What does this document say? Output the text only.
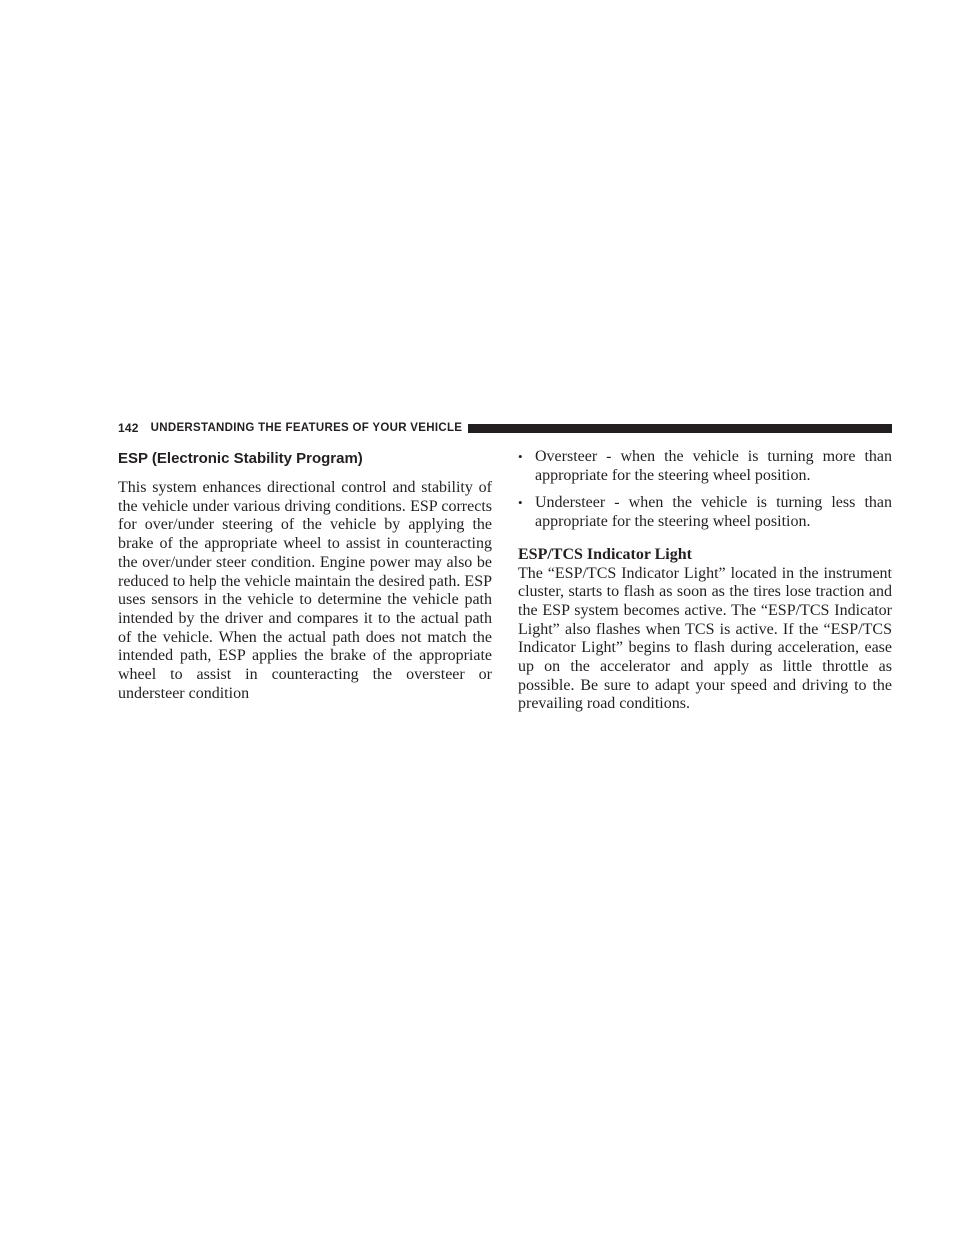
142 UNDERSTANDING THE FEATURES OF YOUR VEHICLE
ESP (Electronic Stability Program)

This system enhances directional control and stability of the vehicle under various driving conditions. ESP corrects for over/under steering of the vehicle by applying the brake of the appropriate wheel to assist in counteracting the over/under steer condition. Engine power may also be reduced to help the vehicle maintain the desired path. ESP uses sensors in the vehicle to determine the vehicle path intended by the driver and compares it to the actual path of the vehicle. When the actual path does not match the intended path, ESP applies the brake of the appropriate wheel to assist in counteracting the oversteer or understeer condition

• Oversteer - when the vehicle is turning more than appropriate for the steering wheel position.
• Understeer - when the vehicle is turning less than appropriate for the steering wheel position.
ESP/TCS Indicator Light

The “ESP/TCS Indicator Light” located in the instrument cluster, starts to flash as soon as the tires lose traction and the ESP system becomes active. The “ESP/TCS Indicator Light” also flashes when TCS is active. If the “ESP/TCS Indicator Light” begins to flash during acceleration, ease up on the accelerator and apply as little throttle as possible. Be sure to adapt your speed and driving to the prevailing road conditions.
